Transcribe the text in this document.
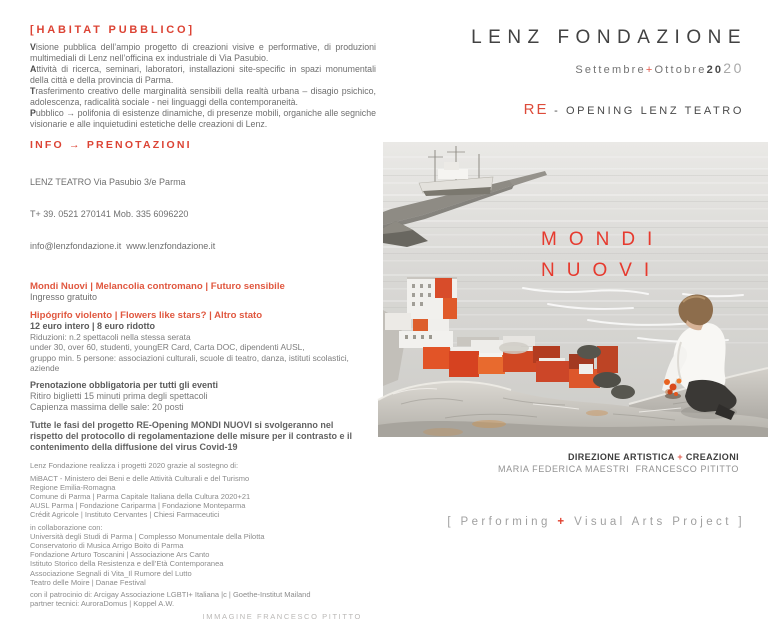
[HABITAT PUBBLICO]

Visione pubblica dell’ampio progetto di creazioni visive e performative, di produzioni multimediali di Lenz nell’officina ex industriale di Via Pasubio.

Attività di ricerca, seminari, laboratori, installazioni site-specific in spazi monumentali della città e della provincia di Parma.

Trasferimento creativo delle marginalità sensibili della realtà urbana – disagio psichico, adolescenza, radicalità sociale - nei linguaggi della contemporaneità.

Pubblico → polifonia di esistenze dinamiche, di presenze mobili, organiche alle segniche visionarie e alle inquietudini estetiche delle creazioni di Lenz.

INFO → PRENOTAZIONI

LENZ TEATRO Via Pasubio 3/e Parma

T+ 39. 0521 270141 Mob. 335 6096220

info@lenzfondazione.it  www.lenzfondazione.it

Mondi Nuovi | Melancolia contromano | Futuro sensibile
Ingresso gratuito
Hipógrifo violento | Flowers like stars? | Altro stato
12 euro intero | 8 euro ridotto
Riduzioni: n.2 spettacoli nella stessa serata
under 30, over 60, studenti, youngER Card, Carta DOC, dipendenti AUSL,
gruppo min. 5 persone: associazioni culturali, scuole di teatro, danza, istituti scolastici, aziende
Prenotazione obbligatoria per tutti gli eventi
Ritiro biglietti 15 minuti prima degli spettacoli
Capienza massima delle sale: 20 posti
Tutte le fasi del progetto RE-Opening MONDI NUOVI si svolgeranno nel rispetto del protocollo di regolamentazione delle misure per il contrasto e il contenimento della diffusione del virus Covid-19
Lenz Fondazione realizza i progetti 2020 grazie al sostegno di:
MiBACT - Ministero dei Beni e delle Attività Culturali e del Turismo
Regione Emilia-Romagna
Comune di Parma | Parma Capitale Italiana della Cultura 2020+21
AUSL Parma | Fondazione Cariparma | Fondazione Monteparma
Crédit Agricole | Instituto Cervantes | Chiesi Farmaceutici
in collaborazione con:
Università degli Studi di Parma | Complesso Monumentale della Pilotta
Conservatorio di Musica Arrigo Boito di Parma
Fondazione Arturo Toscanini | Associazione Ars Canto
Istituto Storico della Resistenza e dell’Età Contemporanea
Associazione Segnali di Vita_Il Rumore del Lutto
Teatro delle Moire | Danae Festival
con il patrocinio di: Arcigay Associazione LGBTI+ Italiana |c | Goethe-Institut Mailand
partner tecnici: AuroraDomus | Koppel A.W.
IMMAGINE FRANCESCO PITITTO
LENZ FONDAZIONE
Settembre+Ottobre2020
RE - OPENING LENZ TEATRO
MONDI
NUOVI
DIREZIONE ARTISTICA + CREAZIONI
MARIA FEDERICA MAESTRI  FRANCESCO PITITTO

[ Performing + Visual Arts Project ]
